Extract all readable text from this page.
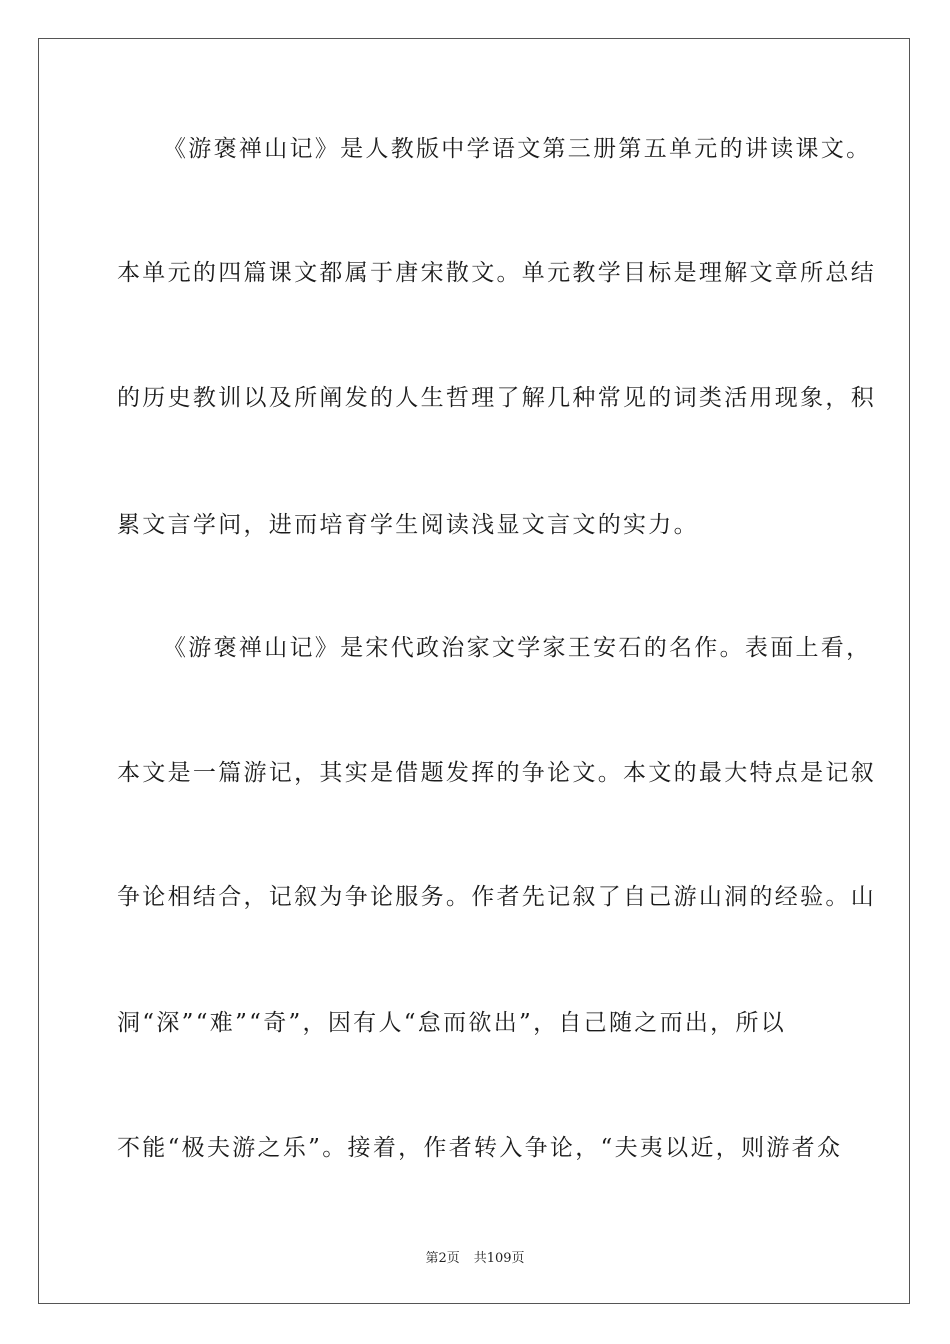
《游褒禅山记》是人教版中学语文第三册第五单元的讲读课文。
本单元的四篇课文都属于唐宋散文。单元教学目标是理解文章所总结
的历史教训以及所阐发的人生哲理了解几种常见的词类活用现象，积
累文言学问，进而培育学生阅读浅显文言文的实力。
《游褒禅山记》是宋代政治家文学家王安石的名作。表面上看，
本文是一篇游记，其实是借题发挥的争论文。本文的最大特点是记叙
争论相结合，记叙为争论服务。作者先记叙了自己游山洞的经验。山
洞“深”“难”“奇”，因有人“怠而欲出”，自己随之而出，所以
不能“极夫游之乐”。接着，作者转入争论，“夫夷以近，则游者众
第2页 共109页
